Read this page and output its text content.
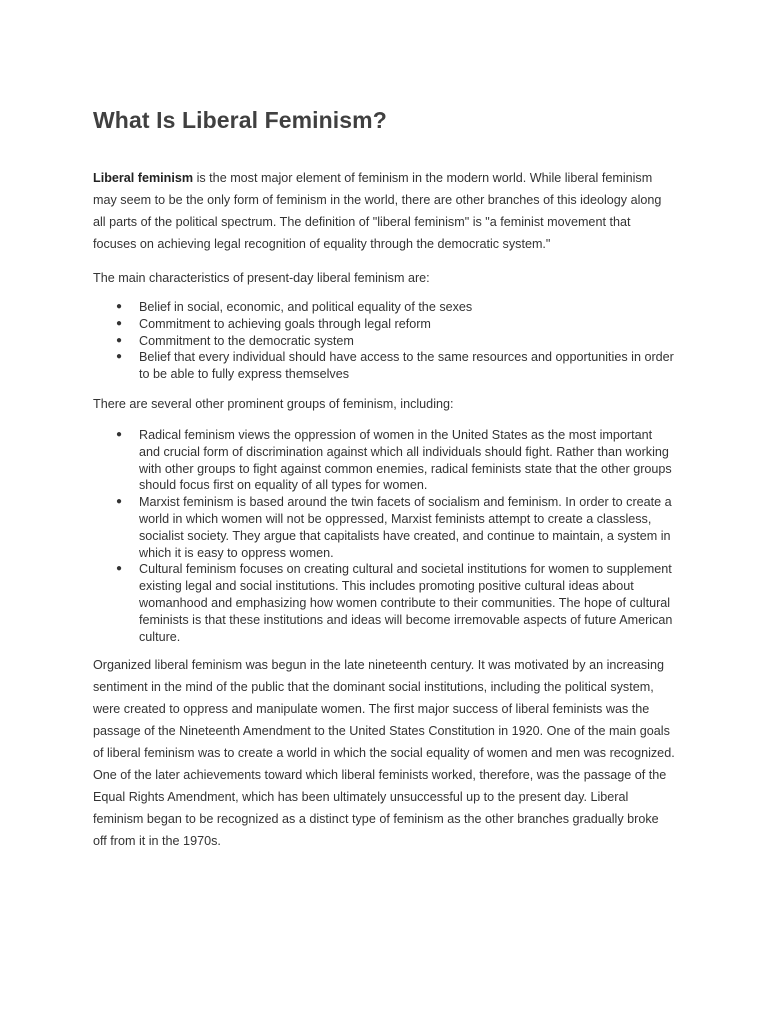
What Is Liberal Feminism?

Liberal feminism is the most major element of feminism in the modern world. While liberal feminism may seem to be the only form of feminism in the world, there are other branches of this ideology along all parts of the political spectrum. The definition of "liberal feminism" is "a feminist movement that focuses on achieving legal recognition of equality through the democratic system."

The main characteristics of present-day liberal feminism are:

● Belief in social, economic, and political equality of the sexes
● Commitment to achieving goals through legal reform
● Commitment to the democratic system
● Belief that every individual should have access to the same resources and opportunities in order to be able to fully express themselves

There are several other prominent groups of feminism, including:

● Radical feminism views the oppression of women in the United States as the most important and crucial form of discrimination against which all individuals should fight. Rather than working with other groups to fight against common enemies, radical feminists state that the other groups should focus first on equality of all types for women.
● Marxist feminism is based around the twin facets of socialism and feminism. In order to create a world in which women will not be oppressed, Marxist feminists attempt to create a classless, socialist society. They argue that capitalists have created, and continue to maintain, a system in which it is easy to oppress women.
● Cultural feminism focuses on creating cultural and societal institutions for women to supplement existing legal and social institutions. This includes promoting positive cultural ideas about womanhood and emphasizing how women contribute to their communities. The hope of cultural feminists is that these institutions and ideas will become irremovable aspects of future American culture.

Organized liberal feminism was begun in the late nineteenth century. It was motivated by an increasing sentiment in the mind of the public that the dominant social institutions, including the political system, were created to oppress and manipulate women. The first major success of liberal feminists was the passage of the Nineteenth Amendment to the United States Constitution in 1920. One of the main goals of liberal feminism was to create a world in which the social equality of women and men was recognized. One of the later achievements toward which liberal feminists worked, therefore, was the passage of the Equal Rights Amendment, which has been ultimately unsuccessful up to the present day. Liberal feminism began to be recognized as a distinct type of feminism as the other branches gradually broke off from it in the 1970s.
